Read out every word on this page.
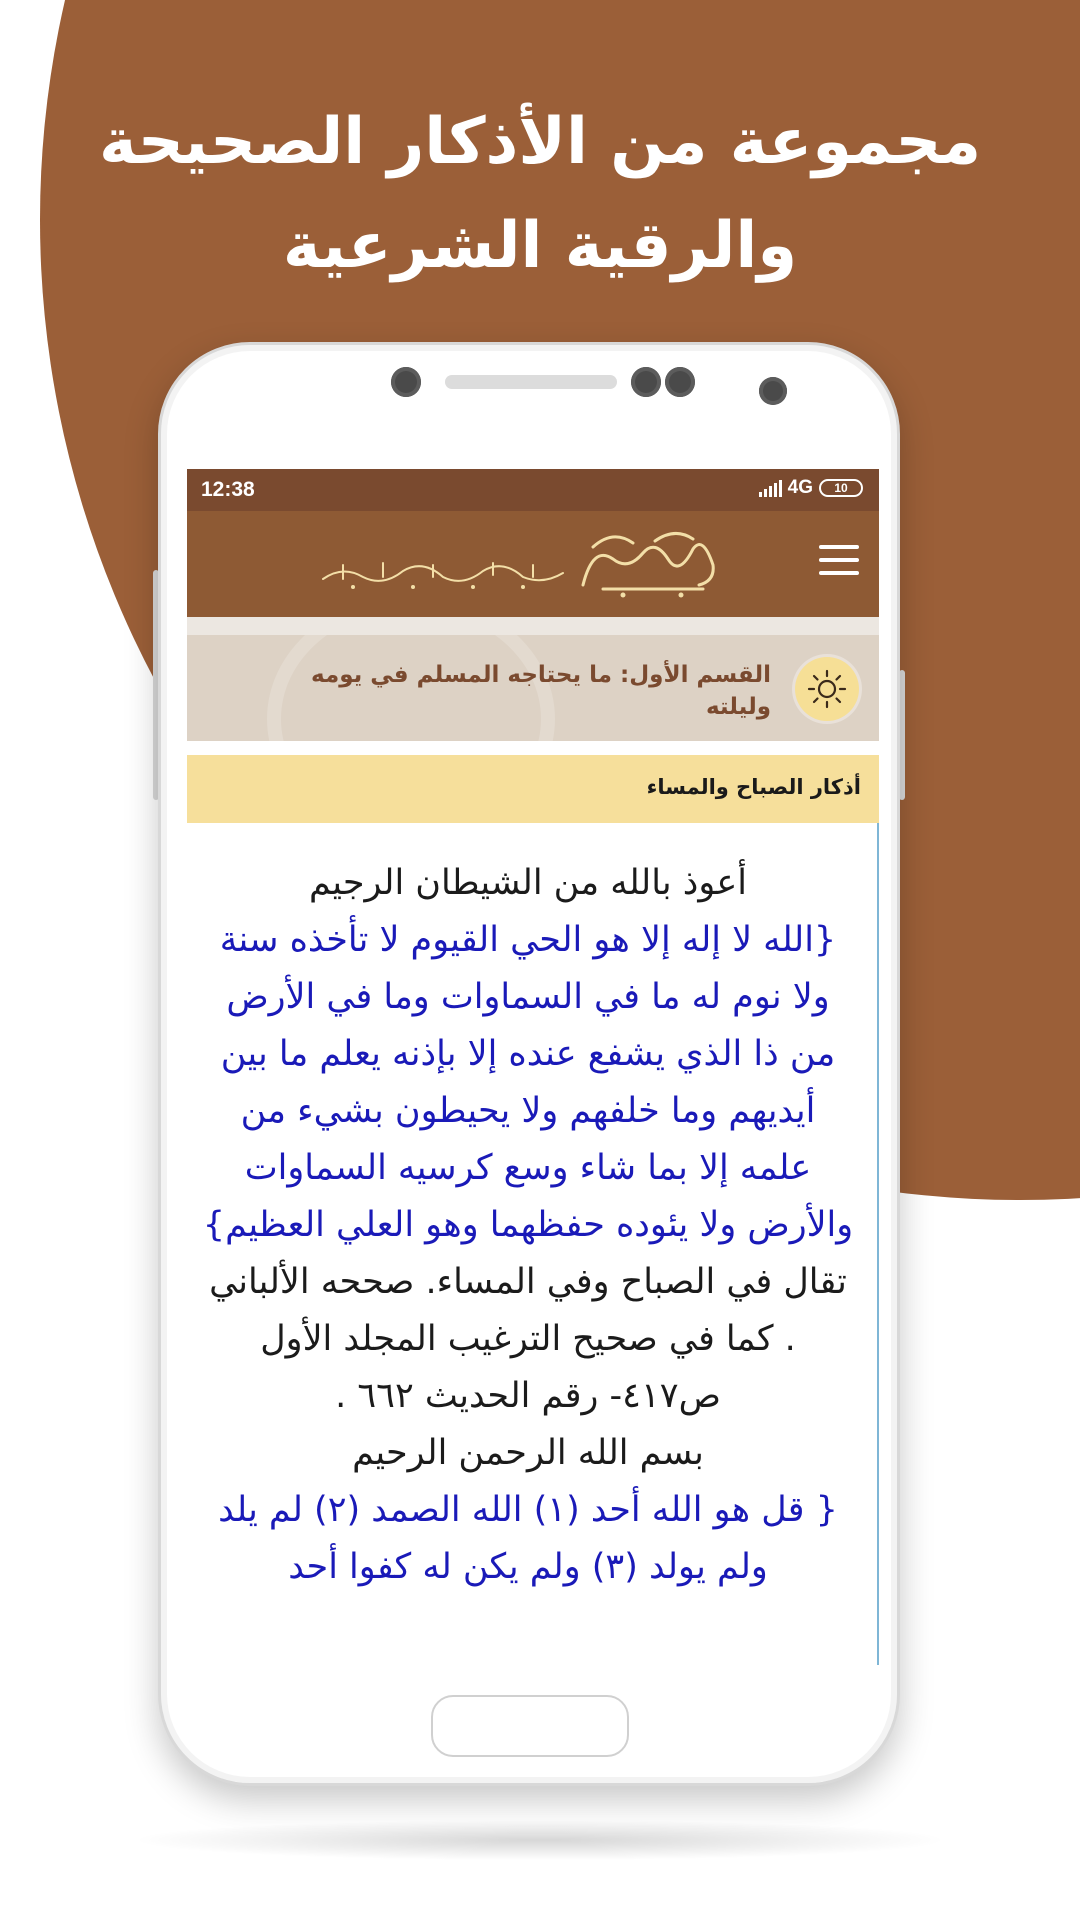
مجموعة من الأذكار الصحيحة
والرقية الشرعية
12:38	4G	10
القسم الأول: ما يحتاجه المسلم في يومه وليلته
أذكار الصباح والمساء
أعوذ بالله من الشيطان الرجيم
{الله لا إله إلا هو الحي القيوم لا تأخذه سنة ولا نوم له ما في السماوات وما في الأرض من ذا الذي يشفع عنده إلا بإذنه يعلم ما بين أيديهم وما خلفهم ولا يحيطون بشيء من علمه إلا بما شاء وسع كرسيه السماوات والأرض ولا يئوده حفظهما وهو العلي العظيم}
تقال في الصباح وفي المساء. صححه الألباني . كما في صحيح الترغيب المجلد الأول ص٤١٧- رقم الحديث ٦٦٢ .
بسم الله الرحمن الرحيم
{ قل هو الله أحد (١) الله الصمد (٢) لم يلد ولم يولد (٣) ولم يكن له كفوا أحد
